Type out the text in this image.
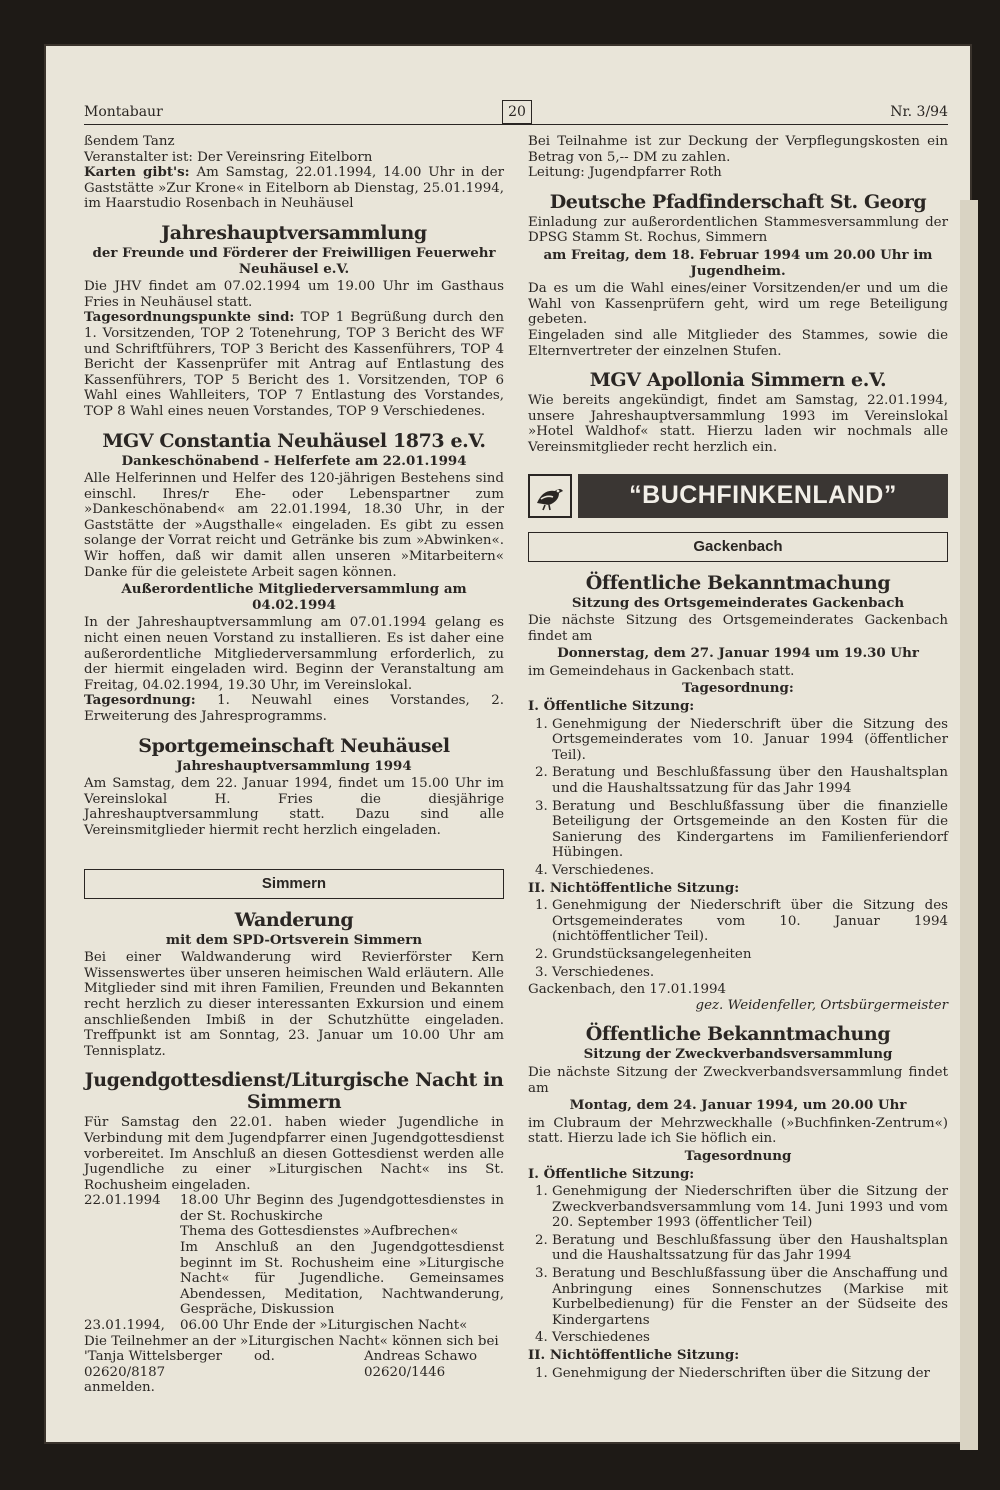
Montabaur	20	Nr. 3/94

ßendem Tanz

Veranstalter ist: Der Vereinsring Eitelborn

Karten gibt's: Am Samstag, 22.01.1994, 14.00 Uhr in der Gaststätte »Zur Krone« in Eitelborn ab Dienstag, 25.01.1994, im Haarstudio Rosenbach in Neuhäusel

Jahreshauptversammlung
der Freunde und Förderer der Freiwilligen Feuerwehr Neuhäusel e.V.

Die JHV findet am 07.02.1994 um 19.00 Uhr im Gasthaus Fries in Neuhäusel statt.

Tagesordnungspunkte sind: TOP 1 Begrüßung durch den 1. Vorsitzenden, TOP 2 Totenehrung, TOP 3 Bericht des WF und Schriftführers, TOP 3 Bericht des Kassenführers, TOP 4 Bericht der Kassenprüfer mit Antrag auf Entlastung des Kassenführers, TOP 5 Bericht des 1. Vorsitzenden, TOP 6 Wahl eines Wahlleiters, TOP 7 Entlastung des Vorstandes, TOP 8 Wahl eines neuen Vorstandes, TOP 9 Verschiedenes.

MGV Constantia Neuhäusel 1873 e.V.
Dankeschönabend - Helferfete am 22.01.1994

Alle Helferinnen und Helfer des 120-jährigen Bestehens sind einschl. Ihres/r Ehe- oder Lebenspartner zum »Dankeschönabend« am 22.01.1994, 18.30 Uhr, in der Gaststätte der »Augsthalle« eingeladen. Es gibt zu essen solange der Vorrat reicht und Getränke bis zum »Abwinken«. Wir hoffen, daß wir damit allen unseren »Mitarbeitern« Danke für die geleistete Arbeit sagen können.

Außerordentliche Mitgliederversammlung am 04.02.1994

In der Jahreshauptversammlung am 07.01.1994 gelang es nicht einen neuen Vorstand zu installieren. Es ist daher eine außerordentliche Mitgliederversammlung erforderlich, zu der hiermit eingeladen wird. Beginn der Veranstaltung am Freitag, 04.02.1994, 19.30 Uhr, im Vereinslokal.

Tagesordnung: 1. Neuwahl eines Vorstandes, 2. Erweiterung des Jahresprogramms.

Sportgemeinschaft Neuhäusel
Jahreshauptversammlung 1994

Am Samstag, dem 22. Januar 1994, findet um 15.00 Uhr im Vereinslokal H. Fries die diesjährige Jahreshauptversammlung statt. Dazu sind alle Vereinsmitglieder hiermit recht herzlich eingeladen.

Simmern
Wanderung
mit dem SPD-Ortsverein Simmern

Bei einer Waldwanderung wird Revierförster Kern Wissenswertes über unseren heimischen Wald erläutern. Alle Mitglieder sind mit ihren Familien, Freunden und Bekannten recht herzlich zu dieser interessanten Exkursion und einem anschließenden Imbiß in der Schutzhütte eingeladen. Treffpunkt ist am Sonntag, 23. Januar um 10.00 Uhr am Tennisplatz.

Jugendgottesdienst/Liturgische Nacht in Simmern

Für Samstag den 22.01. haben wieder Jugendliche in Verbindung mit dem Jugendpfarrer einen Jugendgottesdienst vorbereitet. Im Anschluß an diesen Gottesdienst werden alle Jugendliche zu einer »Liturgischen Nacht« ins St. Rochusheim eingeladen.

22.01.1994	18.00 Uhr Beginn des Jugendgottesdienstes in der St. Rochuskirche
Thema des Gottesdienstes »Aufbrechen«
Im Anschluß an den Jugendgottesdienst beginnt im St. Rochusheim eine »Liturgische Nacht« für Jugendliche. Gemeinsames Abendessen, Meditation, Nachtwanderung, Gespräche, Diskussion
23.01.1994,	06.00 Uhr Ende der »Liturgischen Nacht«

Die Teilnehmer an der »Liturgischen Nacht« können sich bei

'Tanja Wittelsberger	od.	Andreas Schawo
02620/8187		02620/1446

anmelden.

Bei Teilnahme ist zur Deckung der Verpflegungskosten ein Betrag von 5,-- DM zu zahlen.
Leitung: Jugendpfarrer Roth

Deutsche Pfadfinderschaft St. Georg

Einladung zur außerordentlichen Stammesversammlung der DPSG Stamm St. Rochus, Simmern

am Freitag, dem 18. Februar 1994 um 20.00 Uhr im Jugendheim.

Da es um die Wahl eines/einer Vorsitzenden/er und um die Wahl von Kassenprüfern geht, wird um rege Beteiligung gebeten.
Eingeladen sind alle Mitglieder des Stammes, sowie die Elternvertreter der einzelnen Stufen.

MGV Apollonia Simmern e.V.

Wie bereits angekündigt, findet am Samstag, 22.01.1994, unsere Jahreshauptversammlung 1993 im Vereinslokal »Hotel Waldhof« statt. Hierzu laden wir nochmals alle Vereinsmitglieder recht herzlich ein.

“BUCHFINKENLAND”
Gackenbach
Öffentliche Bekanntmachung
Sitzung des Ortsgemeinderates Gackenbach

Die nächste Sitzung des Ortsgemeinderates Gackenbach findet am

Donnerstag, dem 27. Januar 1994 um 19.30 Uhr

im Gemeindehaus in Gackenbach statt.

Tagesordnung:
I. Öffentliche Sitzung:
1. Genehmigung der Niederschrift über die Sitzung des Ortsgemeinderates vom 10. Januar 1994 (öffentlicher Teil).
2. Beratung und Beschlußfassung über den Haushaltsplan und die Haushaltssatzung für das Jahr 1994
3. Beratung und Beschlußfassung über die finanzielle Beteiligung der Ortsgemeinde an den Kosten für die Sanierung des Kindergartens im Familienferiendorf Hübingen.
4. Verschiedenes.
II. Nichtöffentliche Sitzung:
1. Genehmigung der Niederschrift über die Sitzung des Ortsgemeinderates vom 10. Januar 1994 (nichtöffentlicher Teil).
2. Grundstücksangelegenheiten
3. Verschiedenes.

Gackenbach, den 17.01.1994

gez. Weidenfeller, Ortsbürgermeister

Öffentliche Bekanntmachung
Sitzung der Zweckverbandsversammlung

Die nächste Sitzung der Zweckverbandsversammlung findet am

Montag, dem 24. Januar 1994, um 20.00 Uhr

im Clubraum der Mehrzweckhalle (»Buchfinken-Zentrum«) statt. Hierzu lade ich Sie höflich ein.

Tagesordnung
I. Öffentliche Sitzung:
1. Genehmigung der Niederschriften über die Sitzung der Zweckverbandsversammlung vom 14. Juni 1993 und vom 20. September 1993 (öffentlicher Teil)
2. Beratung und Beschlußfassung über den Haushaltsplan und die Haushaltssatzung für das Jahr 1994
3. Beratung und Beschlußfassung über die Anschaffung und Anbringung eines Sonnenschutzes (Markise mit Kurbelbedienung) für die Fenster an der Südseite des Kindergartens
4. Verschiedenes
II. Nichtöffentliche Sitzung:
1. Genehmigung der Niederschriften über die Sitzung der
